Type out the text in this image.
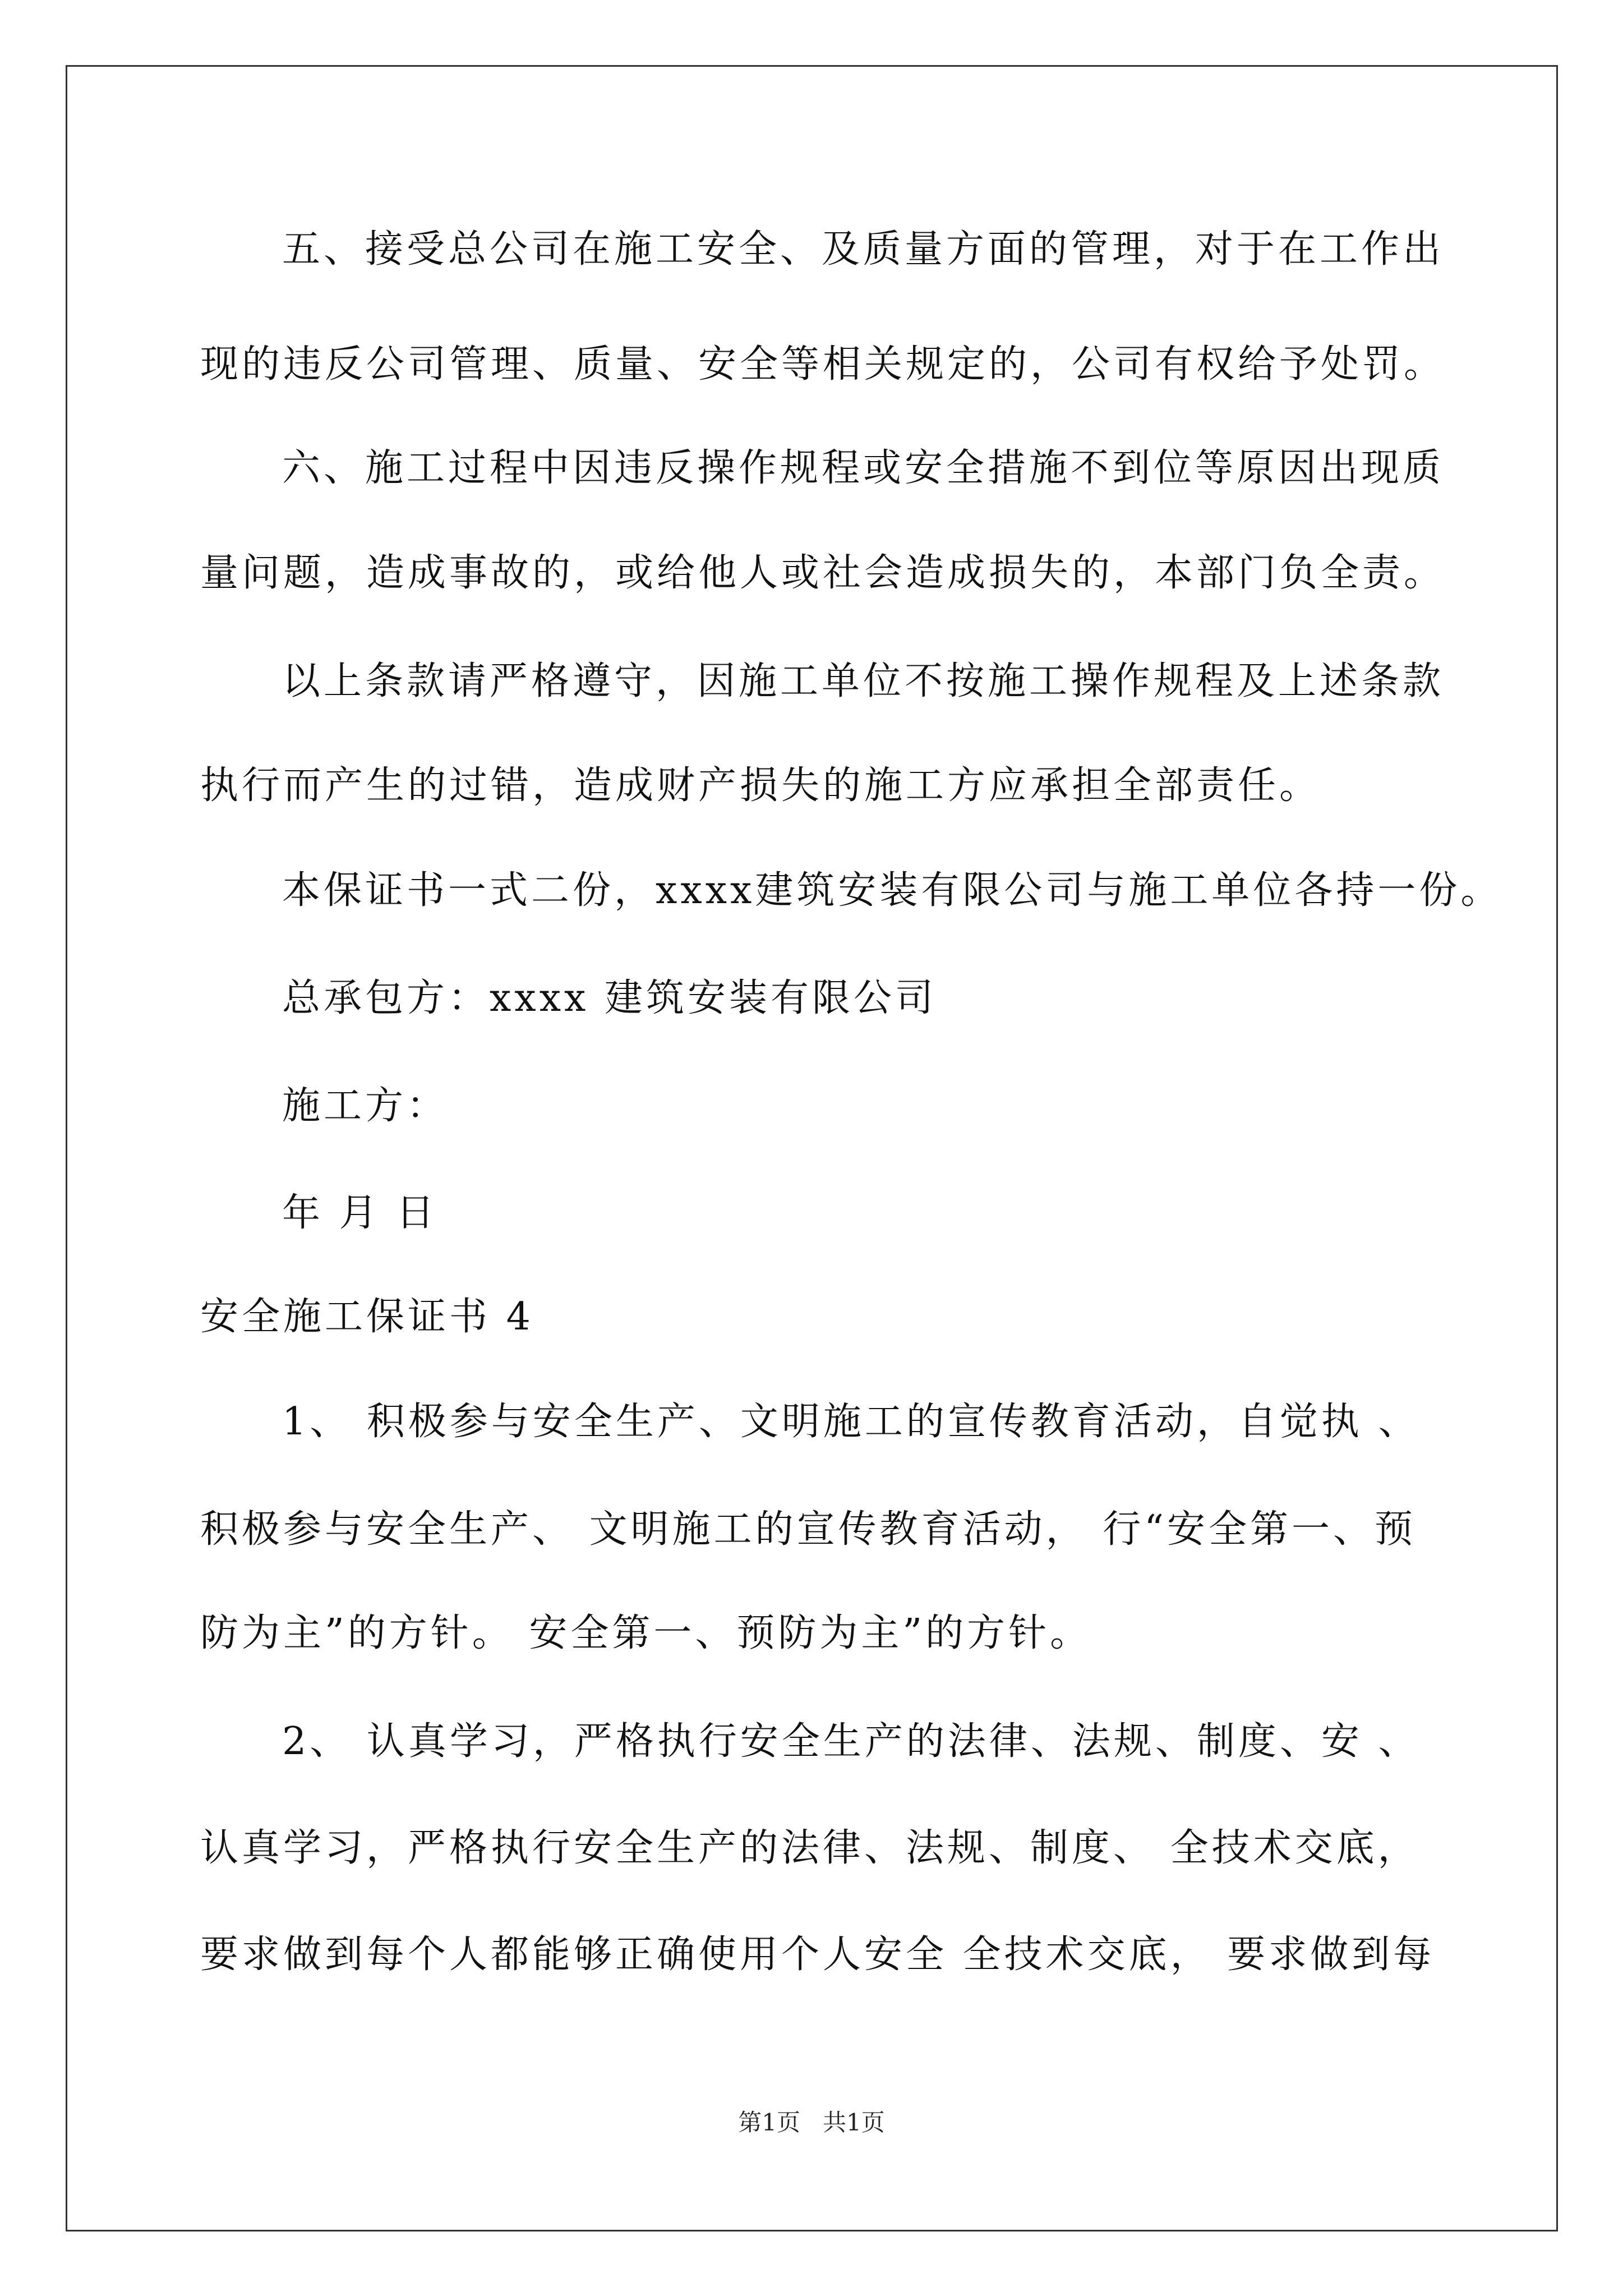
五、接受总公司在施工安全、及质量方面的管理，对于在工作出
现的违反公司管理、质量、安全等相关规定的，公司有权给予处罚。
六、施工过程中因违反操作规程或安全措施不到位等原因出现质
量问题，造成事故的，或给他人或社会造成损失的，本部门负全责。
以上条款请严格遵守，因施工单位不按施工操作规程及上述条款
执行而产生的过错，造成财产损失的施工方应承担全部责任。
本保证书一式二份，xxxx建筑安装有限公司与施工单位各持一份。
总承包方：xxxx 建筑安装有限公司
施工方：
年 月 日
安全施工保证书 4
1、 积极参与安全生产、文明施工的宣传教育活动，自觉执 、
积极参与安全生产、 文明施工的宣传教育活动， 行“安全第一、预
防为主”的方针。 安全第一、预防为主”的方针。
2、 认真学习，严格执行安全生产的法律、法规、制度、安 、
认真学习，严格执行安全生产的法律、法规、制度、 全技术交底，
要求做到每个人都能够正确使用个人安全 全技术交底， 要求做到每
第1页   共1页
